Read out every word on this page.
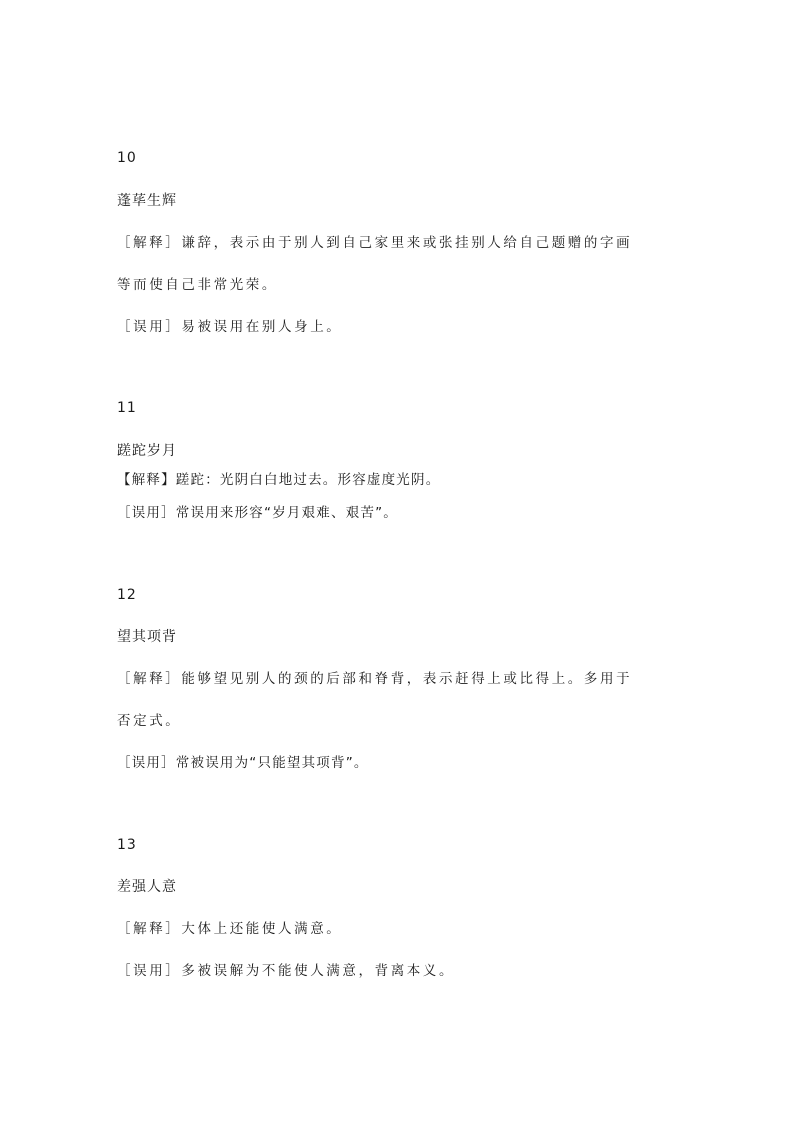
10
蓬荜生辉
［解释］谦辞，表示由于别人到自己家里来或张挂别人给自己题赠的字画
等而使自己非常光荣。
［误用］易被误用在别人身上。
11
蹉跎岁月
【解释】蹉跎：光阴白白地过去。形容虚度光阴。
［误用］常误用来形容“岁月艰难、艰苦”。
12
望其项背
［解释］能够望见别人的颈的后部和脊背，表示赶得上或比得上。多用于
否定式。
［误用］常被误用为“只能望其项背”。
13
差强人意
［解释］大体上还能使人满意。
［误用］多被误解为不能使人满意，背离本义。
